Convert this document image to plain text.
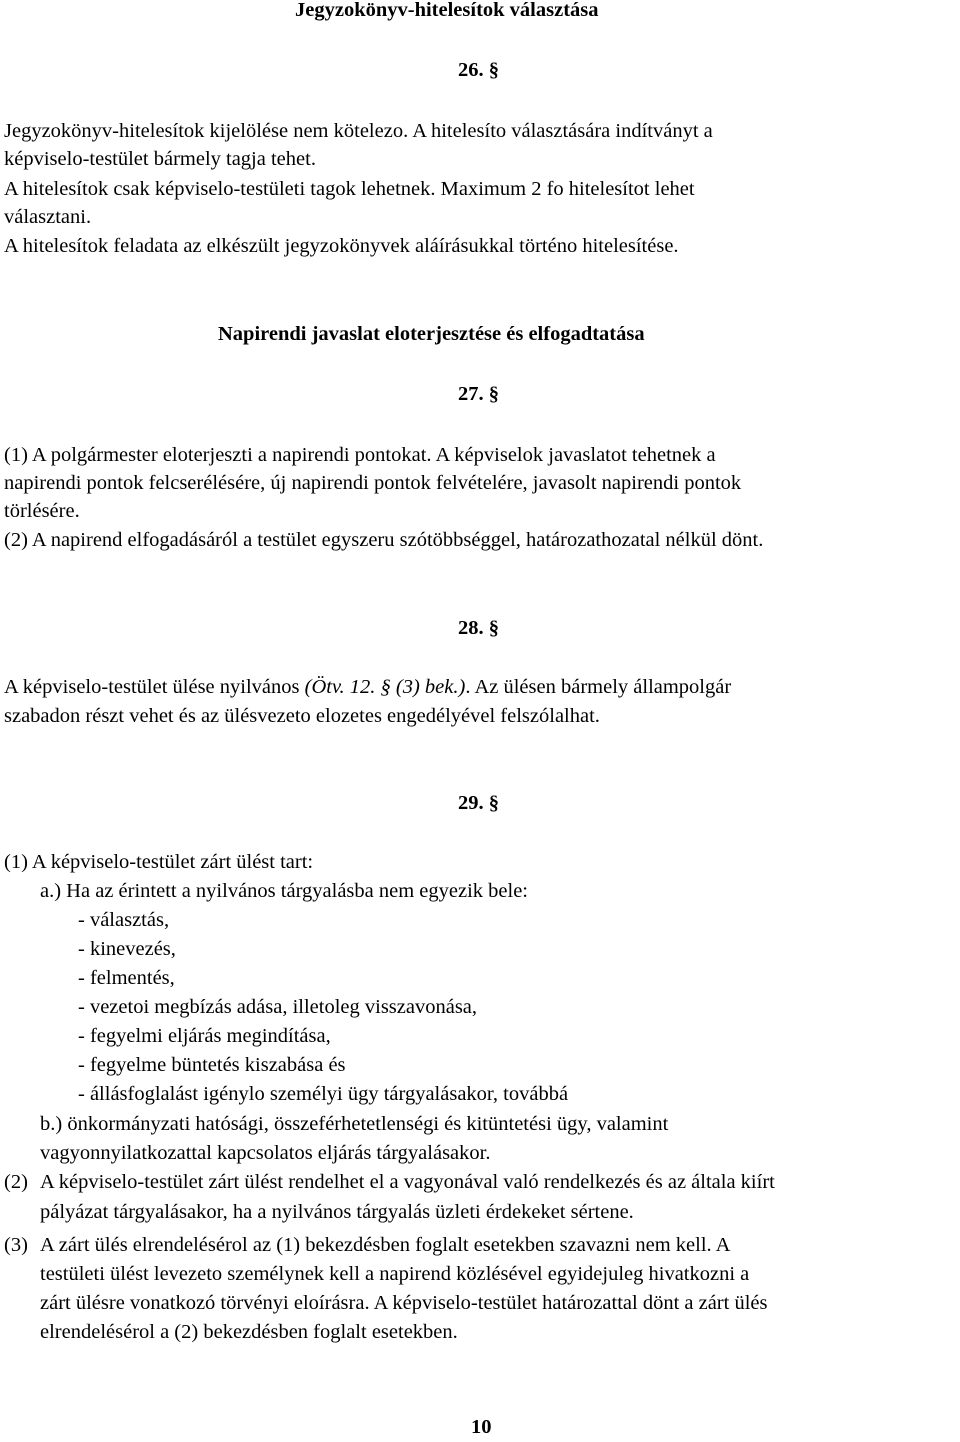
Jegyzokönyv-hitelesítok választása
26. §
Jegyzokönyv-hitelesítok kijelölése nem kötelezo. A hitelesíto választására indítványt a
képviselo-testület bármely tagja tehet.
A hitelesítok csak képviselo-testületi tagok lehetnek. Maximum 2 fo hitelesítot lehet
választani.
A hitelesítok feladata az elkészült jegyzokönyvek aláírásukkal történo hitelesítése.
Napirendi javaslat eloterjesztése és elfogadtatása
27. §
(1) A polgármester eloterjeszti a napirendi pontokat. A képviselok javaslatot tehetnek a
napirendi pontok felcserélésére, új napirendi pontok felvételére, javasolt napirendi pontok
törlésére.
(2) A napirend elfogadásáról a testület egyszeru szótöbbséggel, határozathozatal nélkül dönt.
28. §
A képviselo-testület ülése nyilvános (Ötv. 12. § (3) bek.). Az ülésen bármely állampolgár
szabadon részt vehet és az ülésvezeto elozetes engedélyével felszólalhat.
29. §
(1) A képviselo-testület zárt ülést tart:
a.) Ha az érintett a nyilvános tárgyalásba nem egyezik bele:
- választás,
- kinevezés,
- felmentés,
- vezetoi megbízás adása, illetoleg visszavonása,
- fegyelmi eljárás megindítása,
- fegyelme büntetés kiszabása és
- állásfoglalást igénylo személyi ügy tárgyalásakor, továbbá
b.) önkormányzati hatósági, összeférhetetlenségi és kitüntetési ügy, valamint
vagyonnyilatkozattal kapcsolatos eljárás tárgyalásakor.
(2) A képviselo-testület zárt ülést rendelhet el a vagyonával való rendelkezés és az általa kiírt
pályázat tárgyalásakor, ha a nyilvános tárgyalás üzleti érdekeket sértene.
(3) A zárt ülés elrendelésérol az (1) bekezdésben foglalt esetekben szavazni nem kell. A
testületi ülést levezeto személynek kell a napirend közlésével egyidejuleg hivatkozni a
zárt ülésre vonatkozó törvényi eloírásra. A képviselo-testület határozattal dönt a zárt ülés
elrendelésérol a (2) bekezdésben foglalt esetekben.
10
